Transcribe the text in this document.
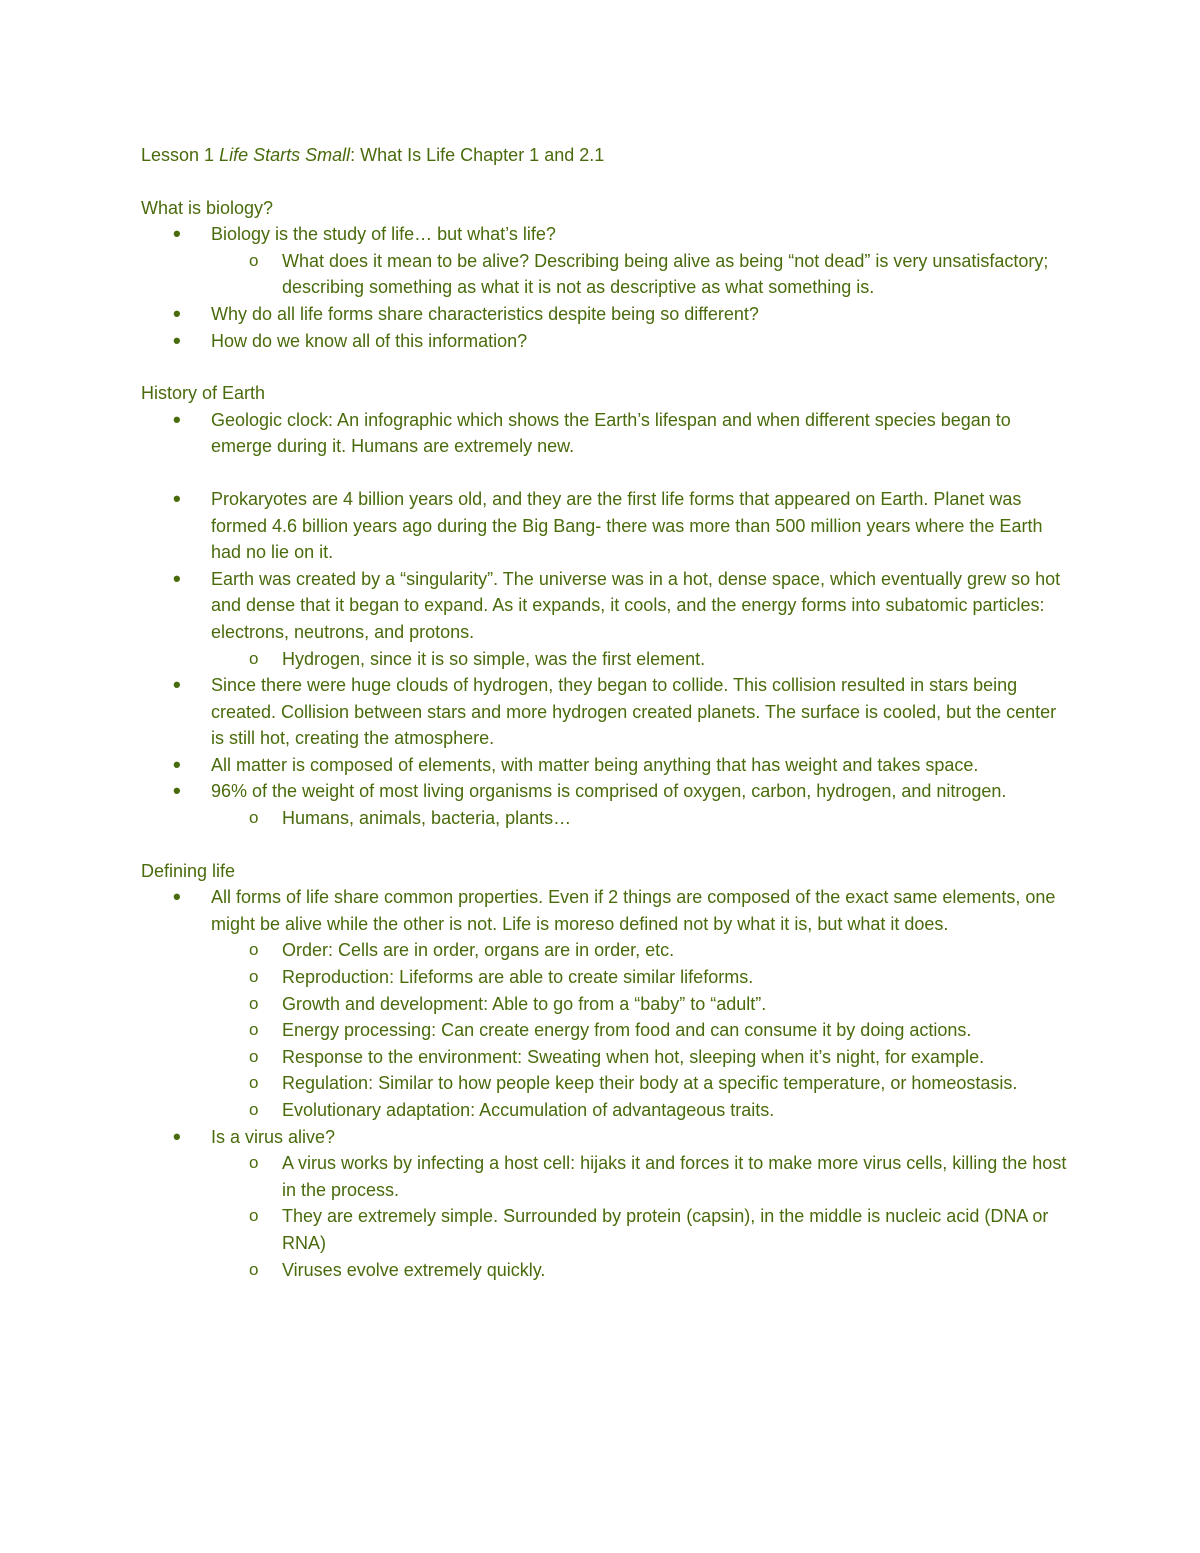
Lesson 1 Life Starts Small: What Is Life Chapter 1 and 2.1

What is biology?

• Biology is the study of life… but what’s life?
o What does it mean to be alive? Describing being alive as being “not dead” is very unsatisfactory; describing something as what it is not as descriptive as what something is.
• Why do all life forms share characteristics despite being so different?
• How do we know all of this information?

History of Earth

• Geologic clock: An infographic which shows the Earth’s lifespan and when different species began to emerge during it. Humans are extremely new.
• Prokaryotes are 4 billion years old, and they are the first life forms that appeared on Earth. Planet was formed 4.6 billion years ago during the Big Bang- there was more than 500 million years where the Earth had no lie on it.
• Earth was created by a “singularity”. The universe was in a hot, dense space, which eventually grew so hot and dense that it began to expand. As it expands, it cools, and the energy forms into subatomic particles: electrons, neutrons, and protons.
o Hydrogen, since it is so simple, was the first element.
• Since there were huge clouds of hydrogen, they began to collide. This collision resulted in stars being created. Collision between stars and more hydrogen created planets. The surface is cooled, but the center is still hot, creating the atmosphere.
• All matter is composed of elements, with matter being anything that has weight and takes space.
• 96% of the weight of most living organisms is comprised of oxygen, carbon, hydrogen, and nitrogen.
o Humans, animals, bacteria, plants…

Defining life

• All forms of life share common properties. Even if 2 things are composed of the exact same elements, one might be alive while the other is not. Life is moreso defined not by what it is, but what it does.
o Order: Cells are in order, organs are in order, etc.
o Reproduction: Lifeforms are able to create similar lifeforms.
o Growth and development: Able to go from a “baby” to “adult”.
o Energy processing: Can create energy from food and can consume it by doing actions.
o Response to the environment: Sweating when hot, sleeping when it’s night, for example.
o Regulation: Similar to how people keep their body at a specific temperature, or homeostasis.
o Evolutionary adaptation: Accumulation of advantageous traits.
• Is a virus alive?
o A virus works by infecting a host cell: hijaks it and forces it to make more virus cells, killing the host in the process.
o They are extremely simple. Surrounded by protein (capsin), in the middle is nucleic acid (DNA or RNA)
o Viruses evolve extremely quickly.
